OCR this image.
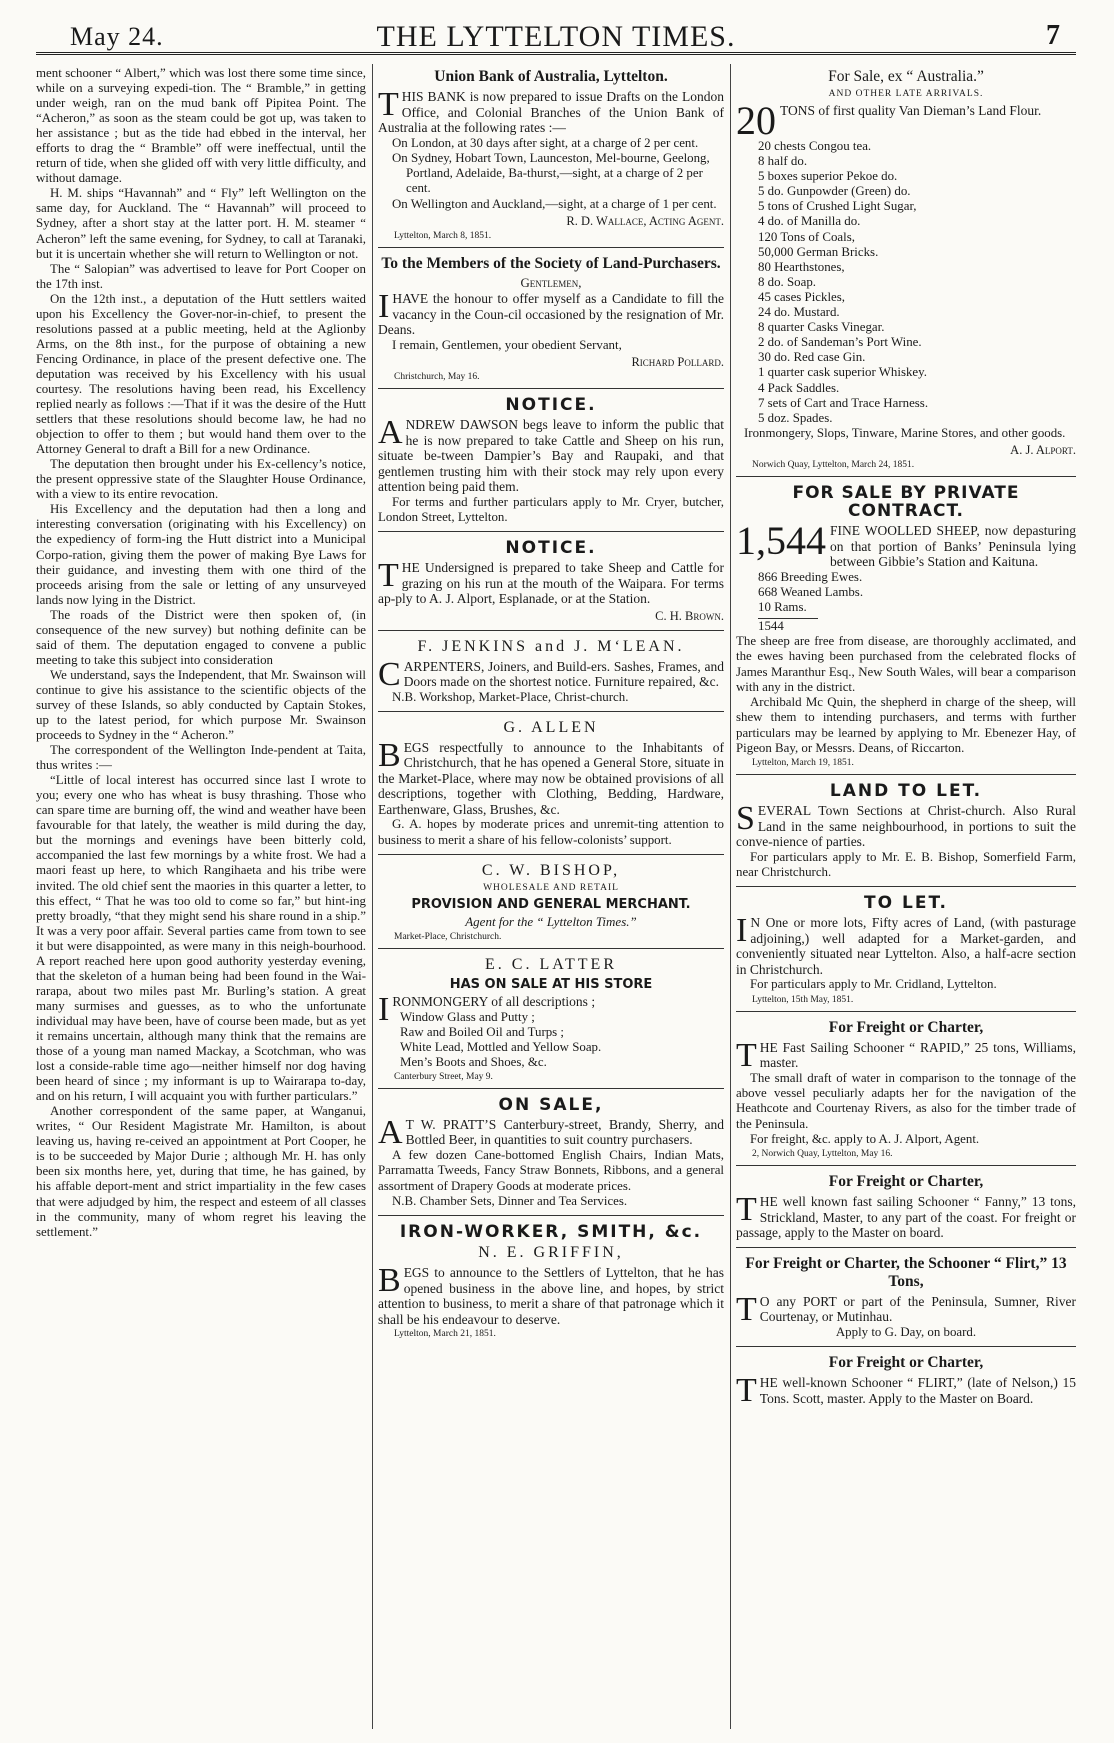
May 24.	THE LYTTELTON TIMES.	7

ment schooner “ Albert,” which was lost there some time since, while on a surveying expedi-tion. The “ Bramble,” in getting under weigh, ran on the mud bank off Pipitea Point. The “Acheron,” as soon as the steam could be got up, was taken to her assistance ; but as the tide had ebbed in the interval, her efforts to drag the “ Bramble” off were ineffectual, until the return of tide, when she glided off with very little difficulty, and without damage.

H. M. ships “Havannah” and “ Fly” left Wellington on the same day, for Auckland. The “ Havannah” will proceed to Sydney, after a short stay at the latter port. H. M. steamer “ Acheron” left the same evening, for Sydney, to call at Taranaki, but it is uncertain whether she will return to Wellington or not.

The “ Salopian” was advertised to leave for Port Cooper on the 17th inst.

On the 12th inst., a deputation of the Hutt settlers waited upon his Excellency the Gover-nor-in-chief, to present the resolutions passed at a public meeting, held at the Aglionby Arms, on the 8th inst., for the purpose of obtaining a new Fencing Ordinance, in place of the present defective one. The deputation was received by his Excellency with his usual courtesy. The resolutions having been read, his Excellency replied nearly as follows :—That if it was the desire of the Hutt settlers that these resolutions should become law, he had no objection to offer to them ; but would hand them over to the Attorney General to draft a Bill for a new Ordinance.

The deputation then brought under his Ex-cellency’s notice, the present oppressive state of the Slaughter House Ordinance, with a view to its entire revocation.

His Excellency and the deputation had then a long and interesting conversation (originating with his Excellency) on the expediency of form-ing the Hutt district into a Municipal Corpo-ration, giving them the power of making Bye Laws for their guidance, and investing them with one third of the proceeds arising from the sale or letting of any unsurveyed lands now lying in the District.

The roads of the District were then spoken of, (in consequence of the new survey) but nothing definite can be said of them. The deputation engaged to convene a public meeting to take this subject into consideration

We understand, says the Independent, that Mr. Swainson will continue to give his assistance to the scientific objects of the survey of these Islands, so ably conducted by Captain Stokes, up to the latest period, for which purpose Mr. Swainson proceeds to Sydney in the “ Acheron.”

The correspondent of the Wellington Inde-pendent at Taita, thus writes :—

“Little of local interest has occurred since last I wrote to you; every one who has wheat is busy thrashing. Those who can spare time are burning off, the wind and weather have been favourable for that lately, the weather is mild during the day, but the mornings and evenings have been bitterly cold, accompanied the last few mornings by a white frost. We had a maori feast up here, to which Rangihaeta and his tribe were invited. The old chief sent the maories in this quarter a letter, to this effect, “ That he was too old to come so far,” but hint-ing pretty broadly, “that they might send his share round in a ship.” It was a very poor affair. Several parties came from town to see it but were disappointed, as were many in this neigh-bourhood. A report reached here upon good authority yesterday evening, that the skeleton of a human being had been found in the Wai-rarapa, about two miles past Mr. Burling’s station. A great many surmises and guesses, as to who the unfortunate individual may have been, have of course been made, but as yet it remains uncertain, although many think that the remains are those of a young man named Mackay, a Scotchman, who was lost a conside-rable time ago—neither himself nor dog having been heard of since ; my informant is up to Wairarapa to-day, and on his return, I will acquaint you with further particulars.”

Another correspondent of the same paper, at Wanganui, writes, “ Our Resident Magistrate Mr. Hamilton, is about leaving us, having re-ceived an appointment at Port Cooper, he is to be succeeded by Major Durie ; although Mr. H. has only been six months here, yet, during that time, he has gained, by his affable deport-ment and strict impartiality in the few cases that were adjudged by him, the respect and esteem of all classes in the community, many of whom regret his leaving the settlement.”

Union Bank of Australia, Lyttelton.
THIS BANK is now prepared to issue Drafts on the London Office, and Colonial Branches of the Union Bank of Australia at the following rates :—
On London, at 30 days after sight, at a charge of 2 per cent.
On Sydney, Hobart Town, Launceston, Mel-bourne, Geelong, Portland, Adelaide, Ba-thurst,—sight, at a charge of 2 per cent.
On Wellington and Auckland,—sight, at a charge of 1 per cent.
R. D. Wallace, Acting Agent.
Lyttelton, March 8, 1851.
To the Members of the Society of Land-Purchasers.
Gentlemen,
IHAVE the honour to offer myself as a Candidate to fill the vacancy in the Coun-cil occasioned by the resignation of Mr. Deans.

I remain, Gentlemen, your obedient Servant,

Richard Pollard.
Christchurch, May 16.
NOTICE.
ANDREW DAWSON begs leave to inform the public that he is now prepared to take Cattle and Sheep on his run, situate be-tween Dampier’s Bay and Raupaki, and that gentlemen trusting him with their stock may rely upon every attention being paid them.

For terms and further particulars apply to Mr. Cryer, butcher, London Street, Lyttelton.

NOTICE.
THE Undersigned is prepared to take Sheep and Cattle for grazing on his run at the mouth of the Waipara. For terms ap-ply to A. J. Alport, Esplanade, or at the Station.
C. H. Brown.
F. JENKINS and J. M‘LEAN.
CARPENTERS, Joiners, and Build-ers. Sashes, Frames, and Doors made on the shortest notice. Furniture repaired, &c.

N.B. Workshop, Market-Place, Christ-church.

G. ALLEN
BEGS respectfully to announce to the Inhabitants of Christchurch, that he has opened a General Store, situate in the Market-Place, where may now be obtained provisions of all descriptions, together with Clothing, Bedding, Hardware, Earthenware, Glass, Brushes, &c.

G. A. hopes by moderate prices and unremit-ting attention to business to merit a share of his fellow-colonists’ support.

C. W. BISHOP,
WHOLESALE AND RETAIL
PROVISION AND GENERAL MERCHANT.
Agent for the “ Lyttelton Times.”
Market-Place, Christchurch.
E. C. LATTER
HAS ON SALE AT HIS STORE
IRONMONGERY of all descriptions ;
Window Glass and Putty ;
Raw and Boiled Oil and Turps ;
White Lead, Mottled and Yellow Soap.
Men’s Boots and Shoes, &c.
Canterbury Street, May 9.
ON SALE,
A T W. PRATT’S Canterbury-street, Brandy, Sherry, and Bottled Beer, in quantities to suit country purchasers.

A few dozen Cane-bottomed English Chairs, Indian Mats, Parramatta Tweeds, Fancy Straw Bonnets, Ribbons, and a general assortment of Drapery Goods at moderate prices.

N.B. Chamber Sets, Dinner and Tea Services.

IRON-WORKER, SMITH, &c.
N. E. GRIFFIN,
BEGS to announce to the Settlers of Lyttelton, that he has opened business in the above line, and hopes, by strict attention to business, to merit a share of that patronage which it shall be his endeavour to deserve.
Lyttelton, March 21, 1851.
For Sale, ex “ Australia.”
AND OTHER LATE ARRIVALS.
20 TONS of first quality Van Dieman’s Land Flour.
20 chests Congou tea.
8 half do.
5 boxes superior Pekoe do.
5 do. Gunpowder (Green) do.
5 tons of Crushed Light Sugar,
4 do. of Manilla do.
120 Tons of Coals,
50,000 German Bricks.
80 Hearthstones,
8 do. Soap.
45 cases Pickles,
24 do. Mustard.
8 quarter Casks Vinegar.
2 do. of Sandeman’s Port Wine.
30 do. Red case Gin.
1 quarter cask superior Whiskey.
4 Pack Saddles.
7 sets of Cart and Trace Harness.
5 doz. Spades.
Ironmongery, Slops, Tinware, Marine Stores, and other goods.
A. J. Alport.
Norwich Quay, Lyttelton, March 24, 1851.
FOR SALE BY PRIVATE CONTRACT.
1,544 FINE WOOLLED SHEEP, now depasturing on that portion of Banks’ Peninsula lying between Gibbie’s Station and Kaituna.
866 Breeding Ewes.
668 Weaned Lambs.
10 Rams.
1544

The sheep are free from disease, are thoroughly acclimated, and the ewes having been purchased from the celebrated flocks of James Maranthur Esq., New South Wales, will bear a comparison with any in the district.

Archibald Mc Quin, the shepherd in charge of the sheep, will shew them to intending purchasers, and terms with further particulars may be learned by applying to Mr. Ebenezer Hay, of Pigeon Bay, or Messrs. Deans, of Riccarton.

Lyttelton, March 19, 1851.
LAND TO LET.
SEVERAL Town Sections at Christ-church. Also Rural Land in the same neighbourhood, in portions to suit the conve-nience of parties.

For particulars apply to Mr. E. B. Bishop, Somerfield Farm, near Christchurch.

TO LET.
I N One or more lots, Fifty acres of Land, (with pasturage adjoining,) well adapted for a Market-garden, and conveniently situated near Lyttelton. Also, a half-acre section in Christchurch.

For particulars apply to Mr. Cridland, Lyttelton.

Lyttelton, 15th May, 1851.
For Freight or Charter,
THE Fast Sailing Schooner “ RAPID,” 25 tons, Williams, master.

The small draft of water in comparison to the tonnage of the above vessel peculiarly adapts her for the navigation of the Heathcote and Courtenay Rivers, as also for the timber trade of the Peninsula.

For freight, &c. apply to A. J. Alport, Agent.

2, Norwich Quay, Lyttelton, May 16.
For Freight or Charter,
THE well known fast sailing Schooner “ Fanny,” 13 tons, Strickland, Master, to any part of the coast. For freight or passage, apply to the Master on board.
For Freight or Charter, the Schooner “ Flirt,” 13 Tons,
T O any PORT or part of the Peninsula, Sumner, River Courtenay, or Mutinhau.
Apply to G. Day, on board.
For Freight or Charter,
THE well-known Schooner “ FLIRT,” (late of Nelson,) 15 Tons. Scott, master. Apply to the Master on Board.
